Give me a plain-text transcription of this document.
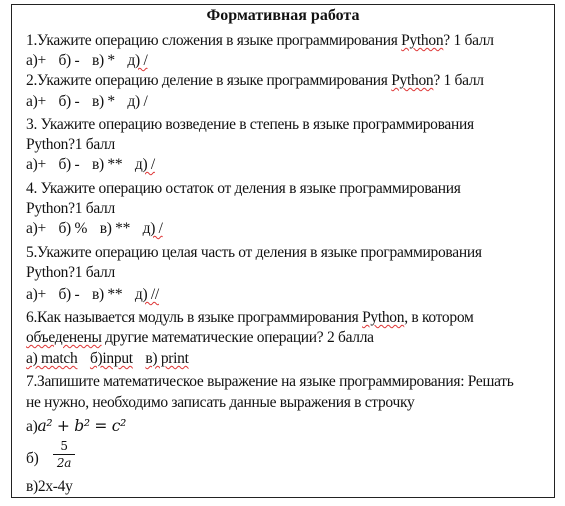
Формативная работа
1.Укажите операцию сложения в языке программирования Python? 1 балл
а)+ б) - в) * д) /
2.Укажите операцию деление в языке программирования Python? 1 балл
а)+ б) - в) * д) /
3. Укажите операцию возведение в степень в языке программирования
Python?1 балл
а)+ б) - в) ** д) /
4. Укажите операцию остаток от деления в языке программирования
Python?1 балл
а)+ б) % в) ** д) /
5.Укажите операцию целая часть от деления в языке программирования
Python?1 балл
а)+ б) - в) ** д) //
6.Как называется модуль в языке программирования Python, в котором
объеденены другие математические операции? 2 балла
а) match б)input в) print
7.Запишите математическое выражение на языке программирования: Решать
не нужно, необходимо записать данные выражения в строчку
а)a² + b² = c²
б)
5
2a
в)2x-4y
